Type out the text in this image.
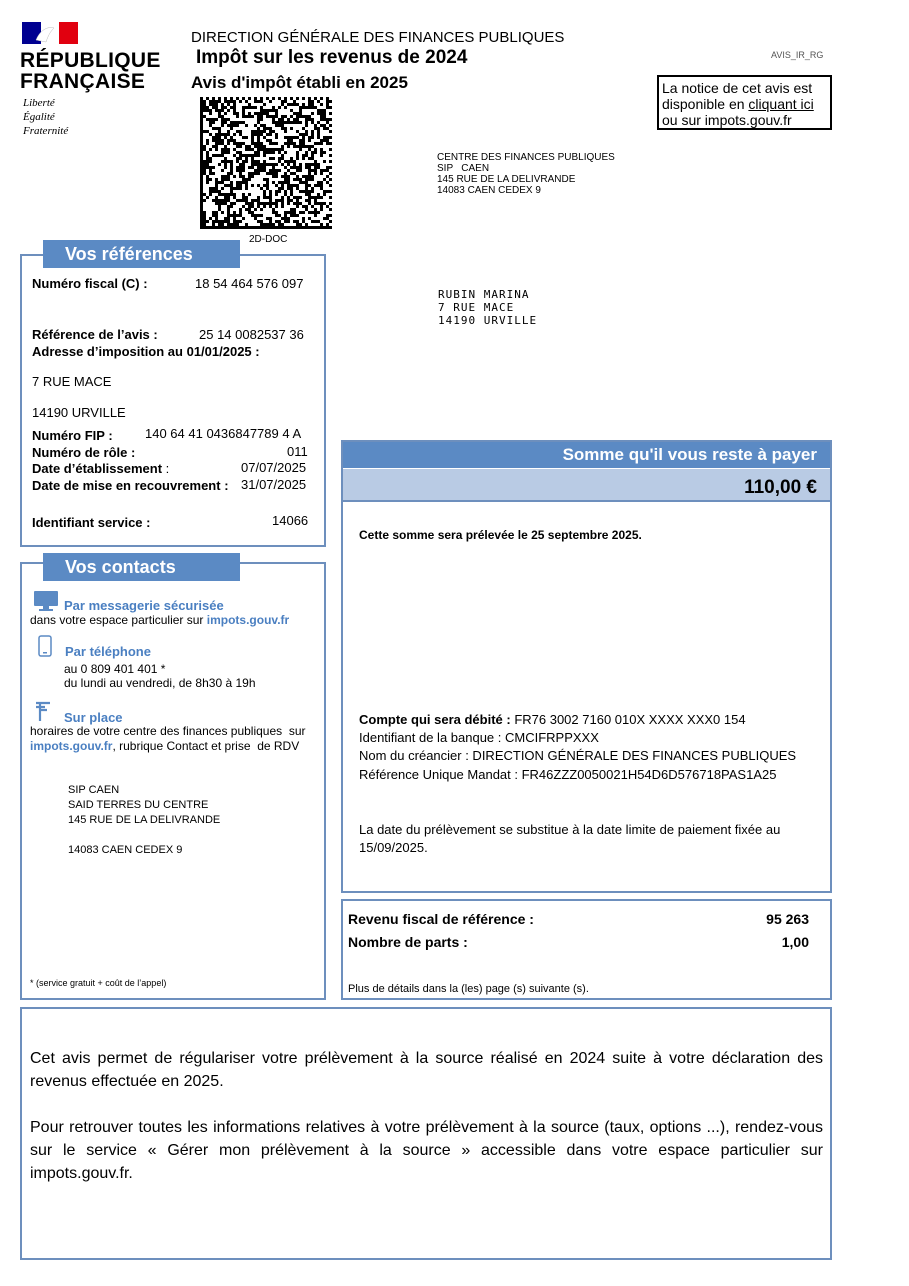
RÉPUBLIQUE
FRANÇAISE
Liberté
Égalité
Fraternité
DIRECTION GÉNÉRALE DES FINANCES PUBLIQUES
Impôt sur les revenus de 2024
Avis d'impôt établi en 2025
AVIS_IR_RG
La notice de cet avis est
disponible en cliquant ici
ou sur impots.gouv.fr
2D-DOC
CENTRE DES FINANCES PUBLIQUES
SIP   CAEN
145 RUE DE LA DELIVRANDE
14083 CAEN CEDEX 9
RUBIN MARINA
7 RUE MACE
14190 URVILLE
Vos références
Numéro fiscal (C) :	18 54 464 576 097
Référence de l’avis :	25 14 0082537 36
Adresse d’imposition au 01/01/2025 :
7 RUE MACE
14190 URVILLE
Numéro FIP : 140 64 41 0436847789 4 A
Numéro de rôle :	011
Date d’établissement :	07/07/2025
Date de mise en recouvrement : 31/07/2025
Identifiant service :	14066
Vos contacts
Par messagerie sécurisée
dans votre espace particulier sur impots.gouv.fr
Par téléphone
au 0 809 401 401 *
du lundi au vendredi, de 8h30 à 19h
Sur place
horaires de votre centre des finances publiques  sur
impots.gouv.fr, rubrique Contact et prise  de RDV
SIP CAEN
SAID TERRES DU CENTRE
145 RUE DE LA DELIVRANDE
14083 CAEN CEDEX 9
* (service gratuit + coût de l’appel)
Somme qu'il vous reste à payer
110,00 €
Cette somme sera prélevée le 25 septembre 2025.
Compte qui sera débité : FR76 3002 7160 010X XXXX XXX0 154
Identifiant de la banque : CMCIFRPPXXX
Nom du créancier : DIRECTION GÉNÉRALE DES FINANCES PUBLIQUES
Référence Unique Mandat : FR46ZZZ0050021H54D6D576718PAS1A25
La date du prélèvement se substitue à la date limite de paiement fixée au
15/09/2025.
Revenu fiscal de référence :	95 263
Nombre de parts :	1,00
Plus de détails dans la (les) page (s) suivante (s).
Cet avis permet de régulariser votre prélèvement à la source réalisé en 2024 suite à votre déclaration des revenus effectuée en 2025.
Pour retrouver toutes les informations relatives à votre prélèvement à la source (taux, options ...), rendez-vous sur le service « Gérer mon prélèvement à la source » accessible dans votre espace particulier sur impots.gouv.fr.
